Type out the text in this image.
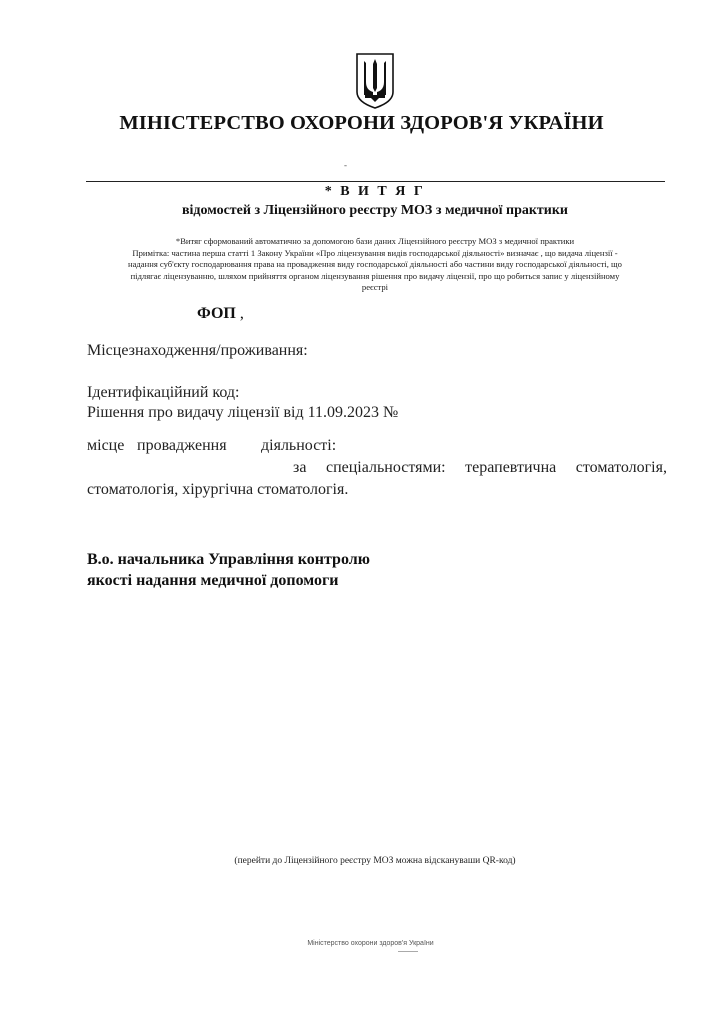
МІНІСТЕРСТВО ОХОРОНИ ЗДОРОВ'Я УКРАЇНИ
-
* В И Т Я Г
відомостей з Ліцензійного реєстру МОЗ з медичної практики
*Витяг сформований автоматично за допомогою бази даних Ліцензійного реєстру МОЗ з медичної практики
Примітка: частина перша статті 1 Закону України «Про ліцензування видів господарської діяльності» визначає , що видача ліцензії -
надання суб'єкту господарювання права на провадження виду господарської діяльності або частини виду господарської діяльності, що
підлягає ліцензуванню, шляхом прийняття органом ліцензування рішення про видачу ліцензії, про що робиться запис у ліцензійному
реєстрі
ФОП ,
Місцезнаходження/проживання:
Ідентифікаційний код:
Рішення про видачу ліцензії від 11.09.2023 №
місце провадження діяльності:
за спеціальностями: терапевтична стоматологія,
стоматологія, хірургічна стоматологія.
В.о. начальника Управління контролю
якості надання медичної допомоги
(перейти до Ліцензійного реєстру МОЗ можна відскануваши QR-код)
Міністерство охорони здоров'я України
